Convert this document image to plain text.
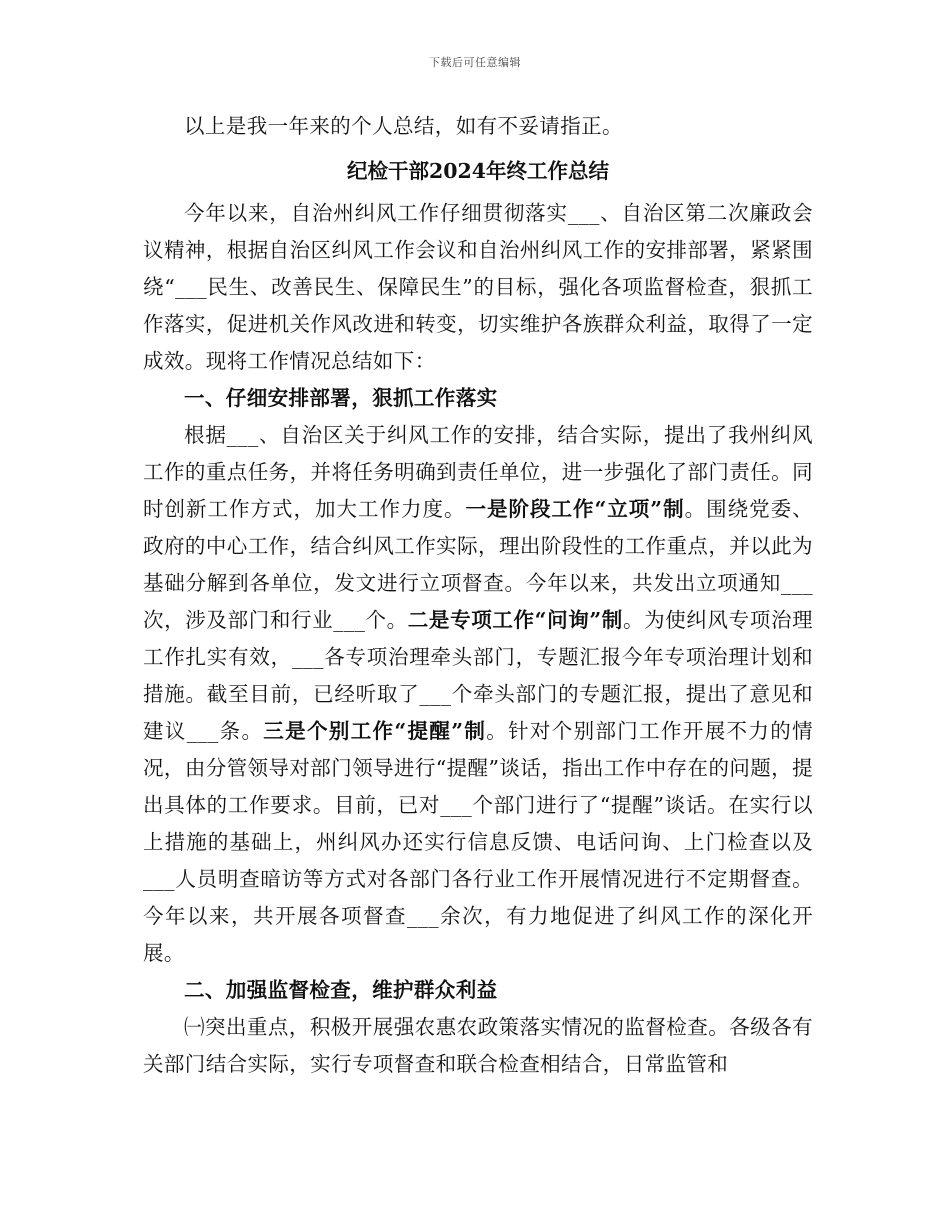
下载后可任意编辑

以上是我一年来的个人总结，如有不妥请指正。

纪检干部2024年终工作总结

今年以来，自治州纠风工作仔细贯彻落实___、自治区第二次廉政会议精神，根据自治区纠风工作会议和自治州纠风工作的安排部署，紧紧围绕“___民生、改善民生、保障民生”的目标，强化各项监督检查，狠抓工作落实，促进机关作风改进和转变，切实维护各族群众利益，取得了一定成效。现将工作情况总结如下：

一、仔细安排部署，狠抓工作落实

根据___、自治区关于纠风工作的安排，结合实际，提出了我州纠风工作的重点任务，并将任务明确到责任单位，进一步强化了部门责任。同时创新工作方式，加大工作力度。一是阶段工作“立项”制。围绕党委、政府的中心工作，结合纠风工作实际，理出阶段性的工作重点，并以此为基础分解到各单位，发文进行立项督查。今年以来，共发出立项通知___次，涉及部门和行业___个。二是专项工作“问询”制。为使纠风专项治理工作扎实有效，___各专项治理牵头部门，专题汇报今年专项治理计划和措施。截至目前，已经听取了___个牵头部门的专题汇报，提出了意见和建议___条。三是个别工作“提醒”制。针对个别部门工作开展不力的情况，由分管领导对部门领导进行“提醒”谈话，指出工作中存在的问题，提出具体的工作要求。目前，已对___个部门进行了“提醒”谈话。在实行以上措施的基础上，州纠风办还实行信息反馈、电话问询、上门检查以及___人员明查暗访等方式对各部门各行业工作开展情况进行不定期督查。今年以来，共开展各项督查___余次，有力地促进了纠风工作的深化开展。

二、加强监督检查，维护群众利益

㈠突出重点，积极开展强农惠农政策落实情况的监督检查。各级各有关部门结合实际，实行专项督查和联合检查相结合，日常监管和
